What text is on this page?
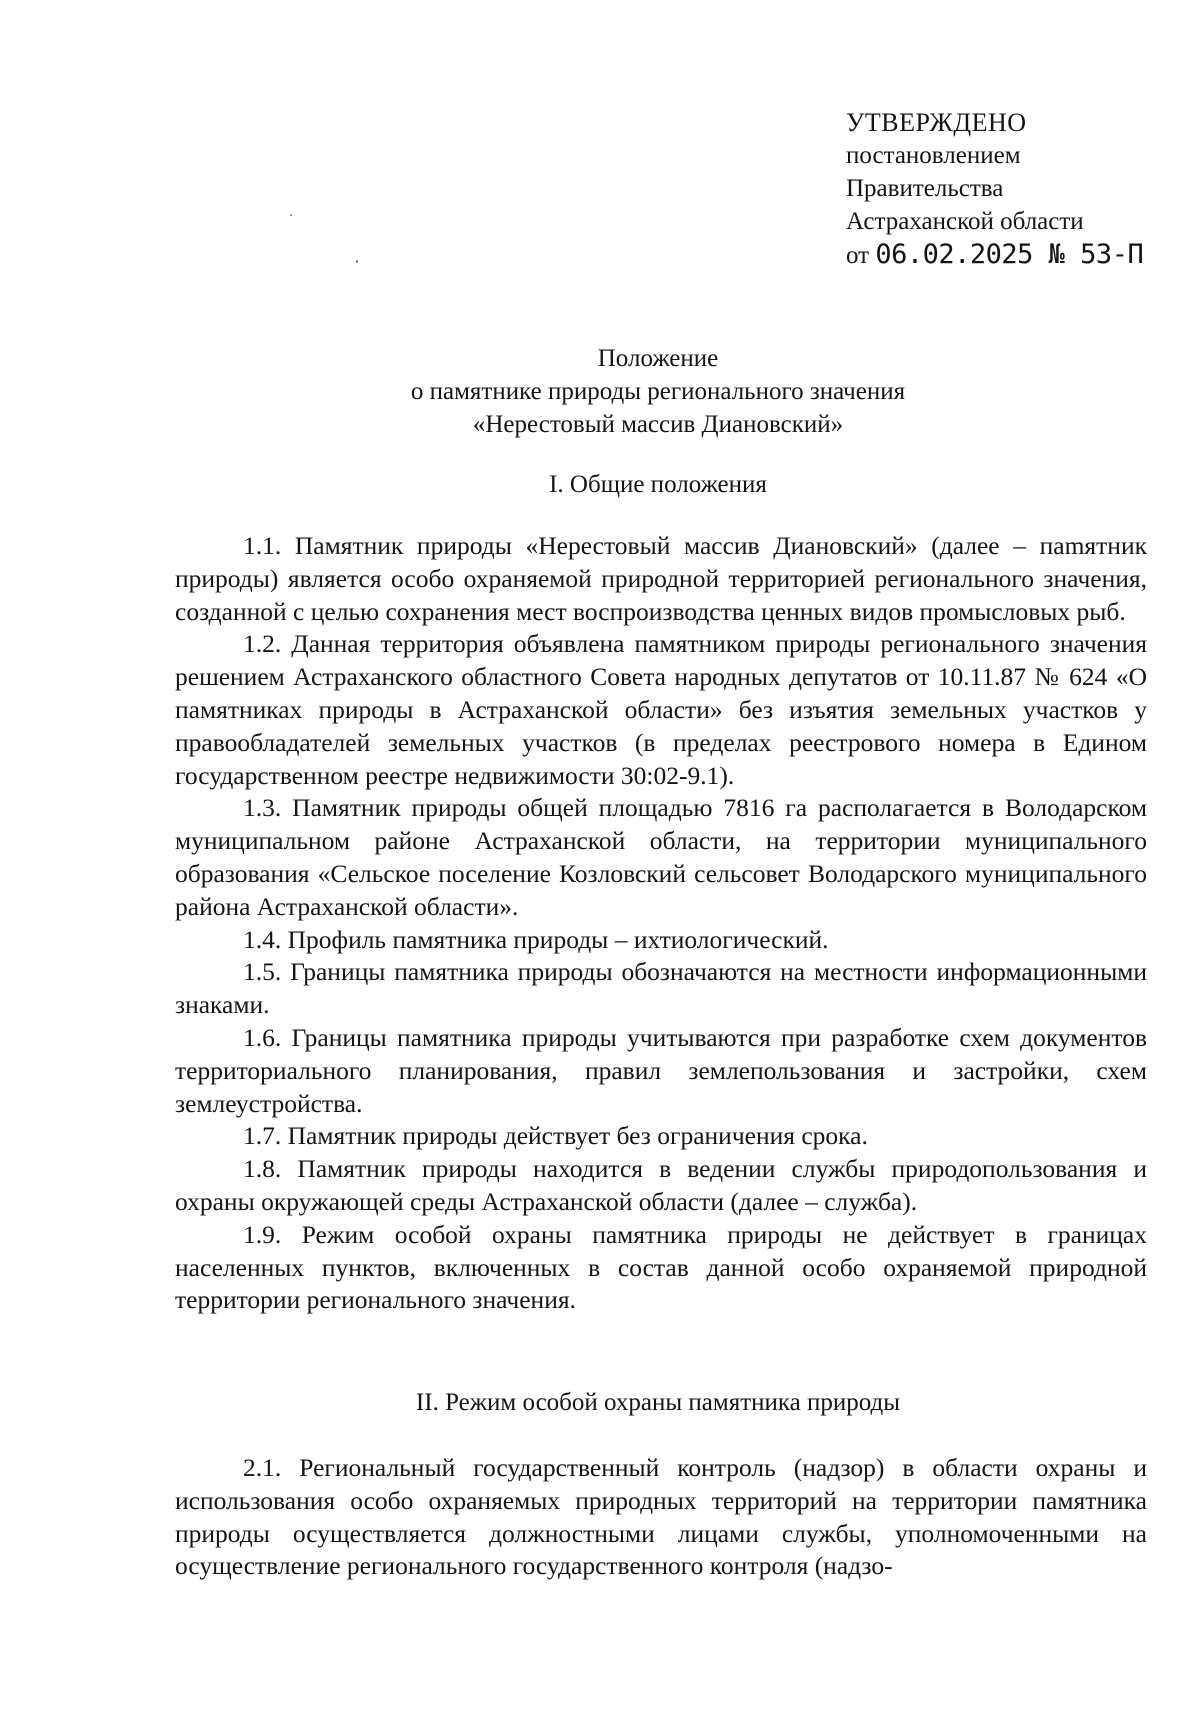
УТВЕРЖДЕНО
постановлением
Правительства
Астраханской области
от 06.02.2025 № 53-П
Положение
о памятнике природы регионального значения
«Нерестовый массив Диановский»
I. Общие положения

1.1. Памятник природы «Нерестовый массив Диановский» (далее – паmятник природы) является особо охраняемой природной территорией регионального значения, созданной с целью сохранения мест воспроизводства ценных видов промысловых рыб.

1.2. Данная территория объявлена памятником природы регионального значения решением Астраханского областного Совета народных депутатов от 10.11.87 № 624 «О памятниках природы в Астраханской области» без изъятия земельных участков у правообладателей земельных участков (в пределах реестрового номера в Едином государственном реестре недвижимости 30:02-9.1).

1.3. Памятник природы общей площадью 7816 га располагается в Володарском муниципальном районе Астраханской области, на территории муниципального образования «Сельское поселение Козловский сельсовет Володарского муниципального района Астраханской области».

1.4. Профиль памятника природы – ихтиологический.

1.5. Границы памятника природы обозначаются на местности информационными знаками.

1.6. Границы памятника природы учитываются при разработке схем документов территориального планирования, правил землепользования и застройки, схем землеустройства.

1.7. Памятник природы действует без ограничения срока.

1.8. Памятник природы находится в ведении службы природопользования и охраны окружающей среды Астраханской области (далее – служба).

1.9. Режим особой охраны памятника природы не действует в границах населенных пунктов, включенных в состав данной особо охраняемой природной территории регионального значения.

II. Режим особой охраны памятника природы

2.1. Региональный государственный контроль (надзор) в области охраны и использования особо охраняемых природных территорий на территории памятника природы осуществляется должностными лицами службы, уполномоченными на осуществление регионального государственного контроля (надзо-
